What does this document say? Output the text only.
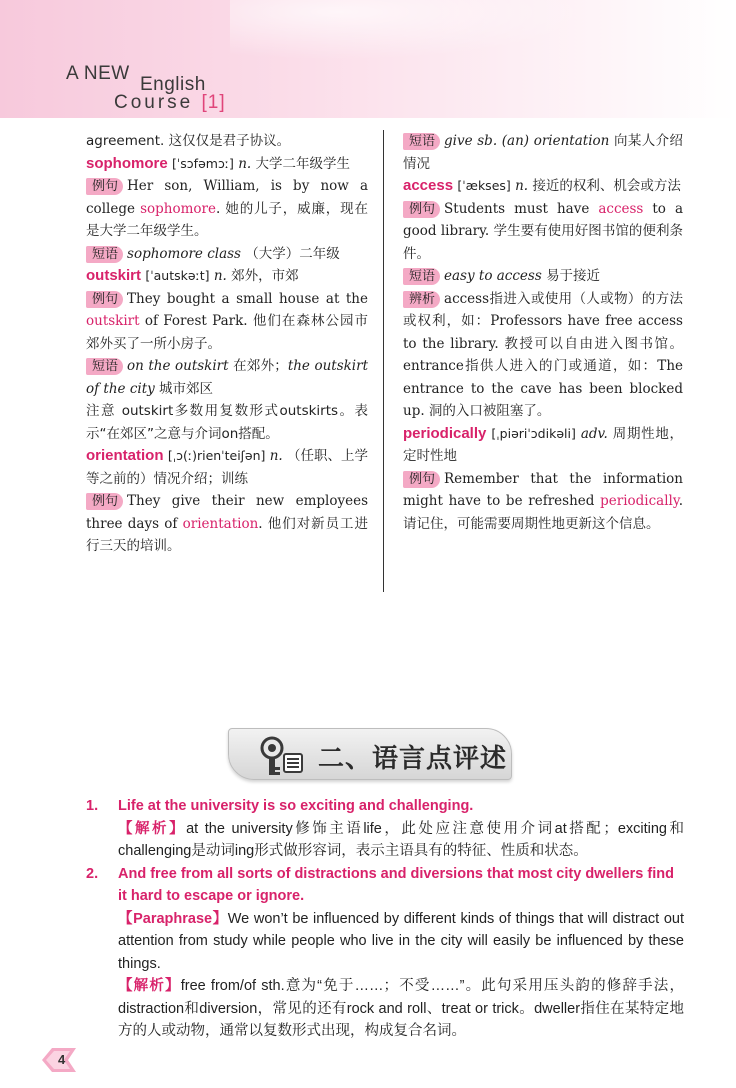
A NEW
English
Course [1]

agreement. 这仅仅是君子协议。

sophomore [ˈsɔfəmɔː] n. 大学二年级学生

例句 Her son, William, is by now a college sophomore. 她的儿子，威廉，现在是大学二年级学生。

短语 sophomore class （大学）二年级

outskirt [ˈautskəːt] n. 郊外，市郊

例句 They bought a small house at the outskirt of Forest Park. 他们在森林公园市郊外买了一所小房子。

短语 on the outskirt 在郊外；the outskirt of the city 城市郊区

注意 outskirt多数用复数形式outskirts。表示“在郊区”之意与介词on搭配。

orientation [ˌɔ(ː)rienˈteiʃən] n. （任职、上学等之前的）情况介绍；训练

例句 They give their new employees three days of orientation. 他们对新员工进行三天的培训。

短语 give sb. (an) orientation 向某人介绍情况

access [ˈækses] n. 接近的权利、机会或方法

例句 Students must have access to a good library. 学生要有使用好图书馆的便利条件。

短语 easy to access 易于接近

辨析 access指进入或使用（人或物）的方法或权利，如：Professors have free access to the library. 教授可以自由进入图书馆。entrance指供人进入的门或通道，如：The entrance to the cave has been blocked up. 洞的入口被阻塞了。

periodically [ˌpiəriˈɔdikəli] adv. 周期性地，定时性地

例句 Remember that the information might have to be refreshed periodically. 请记住，可能需要周期性地更新这个信息。

二、语言点评述

1.	Life at the university is so exciting and challenging.

【解析】at the university修饰主语life，此处应注意使用介词at搭配；exciting和challenging是动词ing形式做形容词，表示主语具有的特征、性质和状态。

2.	And free from all sorts of distractions and diversions that most city dwellers find it hard to escape or ignore.

【Paraphrase】We won’t be influenced by different kinds of things that will distract out attention from study while people who live in the city will easily be influenced by these things.

【解析】free from/of sth.意为“免于……；不受……”。此句采用压头韵的修辞手法，distraction和diversion，常见的还有rock and roll、treat or trick。dweller指住在某特定地方的人或动物，通常以复数形式出现，构成复合名词。

4
